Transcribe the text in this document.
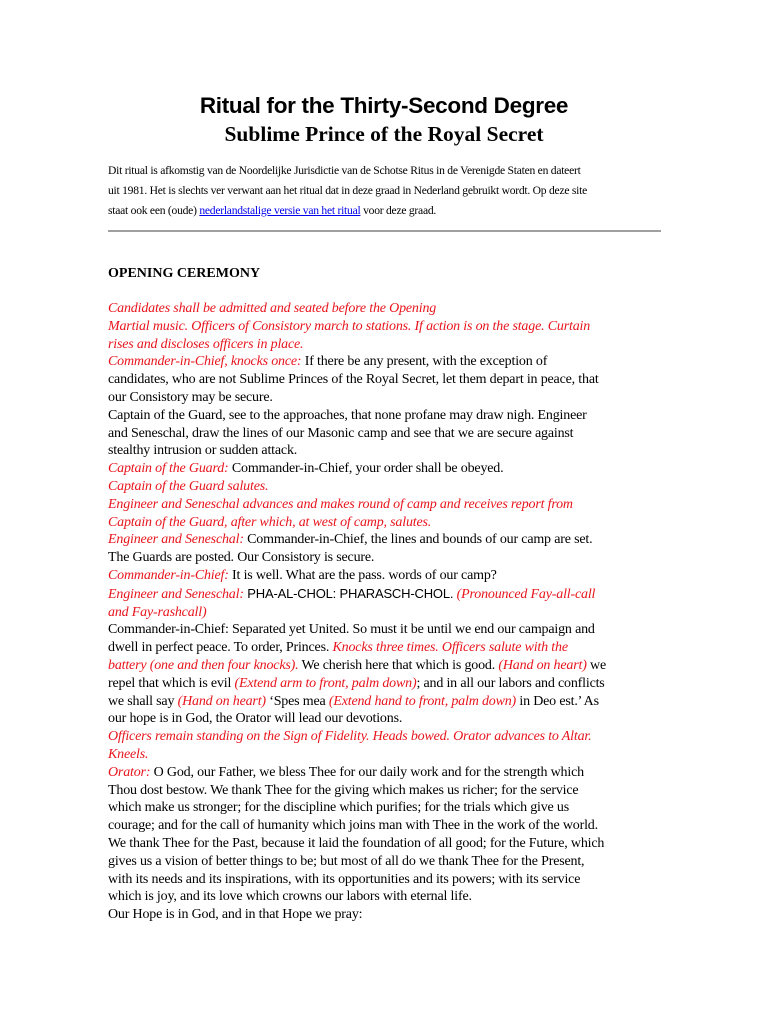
Ritual for the Thirty-Second Degree
Sublime Prince of the Royal Secret

Dit ritual is afkomstig van de Noordelijke Jurisdictie van de Schotse Ritus in de Verenigde Staten en dateert
uit 1981. Het is slechts ver verwant aan het ritual dat in deze graad in Nederland gebruikt wordt. Op deze site
staat ook een (oude) nederlandstalige versie van het ritual voor deze graad.

OPENING CEREMONY
Candidates shall be admitted and seated before the Opening
Martial music. Officers of Consistory march to stations. If action is on the stage. Curtain
rises and discloses officers in place.
Commander-in-Chief, knocks once: If there be any present, with the exception of
candidates, who are not Sublime Princes of the Royal Secret, let them depart in peace, that
our Consistory may be secure.
Captain of the Guard, see to the approaches, that none profane may draw nigh. Engineer
and Seneschal, draw the lines of our Masonic camp and see that we are secure against
stealthy intrusion or sudden attack.
Captain of the Guard: Commander-in-Chief, your order shall be obeyed.
Captain of the Guard salutes.
Engineer and Seneschal advances and makes round of camp and receives report from
Captain of the Guard, after which, at west of camp, salutes.
Engineer and Seneschal: Commander-in-Chief, the lines and bounds of our camp are set.
The Guards are posted. Our Consistory is secure.
Commander-in-Chief: It is well. What are the pass. words of our camp?
Engineer and Seneschal: PHA-AL-CHOL: PHARASCH-CHOL. (Pronounced Fay-all-call
and Fay-rashcall)
Commander-in-Chief: Separated yet United. So must it be until we end our campaign and
dwell in perfect peace. To order, Princes. Knocks three times. Officers salute with the
battery (one and then four knocks). We cherish here that which is good. (Hand on heart) we
repel that which is evil (Extend arm to front, palm down); and in all our labors and conflicts
we shall say (Hand on heart) ‘Spes mea (Extend hand to front, palm down) in Deo est.’ As
our hope is in God, the Orator will lead our devotions.
Officers remain standing on the Sign of Fidelity. Heads bowed. Orator advances to Altar.
Kneels.
Orator: O God, our Father, we bless Thee for our daily work and for the strength which
Thou dost bestow. We thank Thee for the giving which makes us richer; for the service
which make us stronger; for the discipline which purifies; for the trials which give us
courage; and for the call of humanity which joins man with Thee in the work of the world.
We thank Thee for the Past, because it laid the foundation of all good; for the Future, which
gives us a vision of better things to be; but most of all do we thank Thee for the Present,
with its needs and its inspirations, with its opportunities and its powers; with its service
which is joy, and its love which crowns our labors with eternal life.
Our Hope is in God, and in that Hope we pray:
